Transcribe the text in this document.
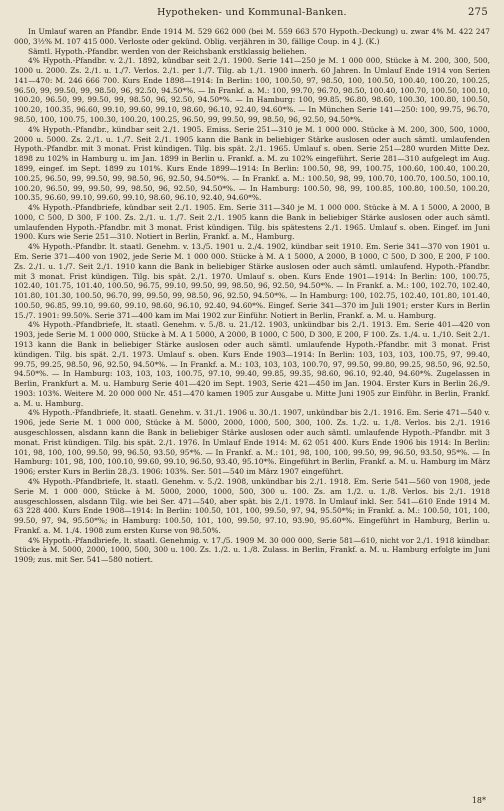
Hypotheken- und Kommunal-Banken.	275

In Umlauf waren an Pfandbr. Ende 1914 M. 529 662 000 (bei M. 559 663 570 Hypoth.-Deckung) u. zwar 4% M. 422 247 000, 3½% M. 107 415 000. Verloste oder gekünd. Oblig. verjähren in 30, fällige Coup. in 4 J. (K.)

Sämtl. Hypoth.-Pfandbr. werden von der Reichsbank erstklassig beliehen.

4% Hypoth.-Pfandbr. v. 2./1. 1892, kündbar seit 2./1. 1900. Serie 141—250 je M. 1 000 000, Stücke à M. 200, 300, 500, 1000 u. 2000. Zs. 2./1. u. 1./7. Verlos. 2./1. per 1./7. Tilg. ab 1./1. 1900 innerh. 60 Jahren. In Umlauf Ende 1914 von Serien 141—470: M. 246 666 700. Kurs Ende 1898—1914: In Berlin: 100, 100.50, 97, 98.50, 100, 100.50, 100.40, 100.20, 100.25, 96.50, 99, 99.50, 99, 98.50, 96, 92.50, 94.50*%. — In Frankf. a. M.: 100, 99.70, 96.70, 98.50, 100.40, 100.70, 100.50, 100.10, 100.20, 96.50, 99, 99.50, 99, 98.50, 96, 92.50, 94.50*%. — In Hamburg: 100, 99.85, 96.80, 98.60, 100.30, 100.80, 100.50, 100.20, 100.35, 96.60, 99.10, 99.60, 99.10, 98.60, 96.10, 92.40, 94.60*%. — In München Serie 141—250: 100, 99.75, 96.70, 98.50, 100, 100.75, 100.30, 100.20, 100.25, 96.50, 99, 99.50, 99, 98.50, 96, 92.50, 94.50*%.

4% Hypoth.-Pfandbr., kündbar seit 2./1. 1905. Emiss. Serie 251—310 je M. 1 000 000. Stücke à M. 200, 300, 500, 1000, 2000 u. 5000. Zs. 2./1. u. 1./7. Seit 2./1. 1905 kann die Bank in beliebiger Stärke auslosen oder auch sämtl. umlaufenden Hypoth.-Pfandbr. mit 3 monat. Frist kündigen. Tilg. bis spät. 2./1. 1965. Umlauf s. oben. Serie 251—280 wurden Mitte Dez. 1898 zu 102% in Hamburg u. im Jan. 1899 in Berlin u. Frankf. a. M. zu 102% eingeführt. Serie 281—310 aufgelegt im Aug. 1899, eingef. im Sept. 1899 zu 101%. Kurs Ende 1899—1914: In Berlin: 100.50, 98, 99, 100.75, 100.60, 100.40, 100.20, 100.25, 96.50, 99, 99.50, 99, 98.50, 96, 92.50, 94.50*%. — In Frankf. a. M.: 100.50, 98, 99, 100.70, 100.70, 100.50, 100.10, 100.20, 96.50, 99, 99.50, 99, 98.50, 96, 92.50, 94.50*%. — In Hamburg: 100.50, 98, 99, 100.85, 100.80, 100.50, 100.20, 100.35, 96.60, 99.10, 99.60, 99.10, 98.60, 96.10, 92.40, 94.60*%.

4% Hypoth.-Pfandbriefe, kündbar seit 2./1. 1905. Em. Serie 311—340 je M. 1 000 000. Stücke à M. A 1 5000, A 2000, B 1000, C 500, D 300, F 100. Zs. 2./1. u. 1./7. Seit 2./1. 1905 kann die Bank in beliebiger Stärke auslosen oder auch sämtl. umlaufenden Hypoth.-Pfandbr. mit 3 monat. Frist kündigen. Tilg. bis spätestens 2./1. 1965. Umlauf s. oben. Eingef. im Juni 1900. Kurs wie Serie 251—310. Notiert in Berlin, Frankf. a. M., Hamburg.

4% Hypoth.-Pfandbr. lt. staatl. Genehm. v. 13./5. 1901 u. 2./4. 1902, kündbar seit 1910. Em. Serie 341—370 von 1901 u. Em. Serie 371—400 von 1902, jede Serie M. 1 000 000. Stücke à M. A 1 5000, A 2000, B 1000, C 500, D 300, E 200, F 100. Zs. 2./1. u. 1./7. Seit 2./1. 1910 kann die Bank in beliebiger Stärke auslosen oder auch sämtl. umlaufend. Hypoth.-Pfandbr. mit 3 monat. Frist kündigen. Tilg. bis spät. 2./1. 1970. Umlauf s. oben. Kurs Ende 1901—1914: In Berlin: 100, 100.75, 102.40, 101.75, 101.40, 100.50, 96.75, 99.10, 99.50, 99, 98.50, 96, 92.50, 94.50*%. — In Frankf. a. M.: 100, 102.70, 102.40, 101.80, 101.30, 100.50, 96.70, 99, 99.50, 99, 98.50, 96, 92.50, 94.50*%. — In Hamburg: 100, 102.75, 102.40, 101.80, 101.40, 100.50, 96.85, 99.10, 99.60, 99.10, 98.60, 96.10, 92.40, 94.60*%. Eingef. Serie 341—370 im Juli 1901; erster Kurs in Berlin 15./7. 1901: 99.50%. Serie 371—400 kam im Mai 1902 zur Einführ. Notiert in Berlin, Frankf. a. M. u. Hamburg.

4% Hypoth.-Pfandbriefe, lt. staatl. Genehm. v. 5./8. u. 21./12. 1903, unkündbar bis 2./1. 1913. Em. Serie 401—420 von 1903, jede Serie M. 1 000 000, Stücke à M. A 1 5000, A 2000, B 1000, C 500, D 300, E 200, F 100. Zs. 1./4. u. 1./10. Seit 2./1. 1913 kann die Bank in beliebiger Stärke auslosen oder auch sämtl. umlaufende Hypoth.-Pfandbr. mit 3 monat. Frist kündigen. Tilg. bis spät. 2./1. 1973. Umlauf s. oben. Kurs Ende 1903—1914: In Berlin: 103, 103, 103, 100.75, 97, 99.40, 99.75, 99.25, 98.50, 96, 92.50, 94.50*%. — In Frankf. a. M.: 103, 103, 103, 100.70, 97, 99.50, 99.80, 99.25, 98.50, 96, 92.50, 94.50*%. — In Hamburg: 103, 103, 103, 100.75, 97.10, 99.40, 99.85, 99.35, 98.60, 96.10, 92.40, 94.60*%. Zugelassen in Berlin, Frankfurt a. M. u. Hamburg Serie 401—420 im Sept. 1903, Serie 421—450 im Jan. 1904. Erster Kurs in Berlin 26./9. 1903: 103%. Weitere M. 20 000 000 Nr. 451—470 kamen 1905 zur Ausgabe u. Mitte Juni 1905 zur Einführ. in Berlin, Frankf. a. M. u. Hamburg.

4% Hypoth.-Pfandbriefe, lt. staatl. Genehm. v. 31./1. 1906 u. 30./1. 1907, unkündbar bis 2./1. 1916. Em. Serie 471—540 v. 1906, jede Serie M. 1 000 000, Stücke à M. 5000, 2000, 1000, 500, 300, 100. Zs. 1./2. u. 1./8. Verlos. bis 2./1. 1916 ausgeschlossen, alsdann kann die Bank in beliebiger Stärke auslosen oder auch sämtl. umlaufende Hypoth.-Pfandbr. mit 3 monat. Frist kündigen. Tilg. bis spät. 2./1. 1976. In Umlauf Ende 1914: M. 62 051 400. Kurs Ende 1906 bis 1914: In Berlin: 101, 98, 100, 100, 99.50, 99, 96.50, 93.50, 95*%. — In Frankf. a. M.: 101, 98, 100, 100, 99.50, 99, 96.50, 93.50, 95*%. — In Hamburg: 101, 98, 100, 100.10, 99.60, 99.10, 96.50, 93.40, 95.10*%. Eingeführt in Berlin, Frankf. a. M. u. Hamburg im März 1906; erster Kurs in Berlin 28./3. 1906: 103%. Ser. 501—540 im März 1907 eingeführt.

4% Hypoth.-Pfandbriefe, lt. staatl. Genehm. v. 5./2. 1908, unkündbar bis 2./1. 1918. Em. Serie 541—560 von 1908, jede Serie M. 1 000 000, Stücke à M. 5000, 2000, 1000, 500, 300 u. 100. Zs. am 1./2. u. 1./8. Verlos. bis 2./1. 1918 ausgeschlossen, alsdann Tilg. wie bei Ser. 471—540, aber spät. bis 2./1. 1978. In Umlauf inkl. Ser. 541—610 Ende 1914 M. 63 228 400. Kurs Ende 1908—1914: In Berlin: 100.50, 101, 100, 99.50, 97, 94, 95.50*%; in Frankf. a. M.: 100.50, 101, 100, 99.50, 97, 94, 95.50*%; in Hamburg: 100.50, 101, 100, 99.50, 97.10, 93.90, 95.60*%. Eingeführt in Hamburg, Berlin u. Frankf. a. M. 1./4. 1908 zum ersten Kurse von 98.50%.

4% Hypoth.-Pfandbriefe, lt. staatl. Genehmig. v. 17./5. 1909 M. 30 000 000, Serie 581—610, nicht vor 2./1. 1918 kündbar. Stücke à M. 5000, 2000, 1000, 500, 300 u. 100. Zs. 1./2. u. 1./8. Zulass. in Berlin, Frankf. a. M. u. Hamburg erfolgte im Juni 1909; zus. mit Ser. 541—580 notiert.

18*
